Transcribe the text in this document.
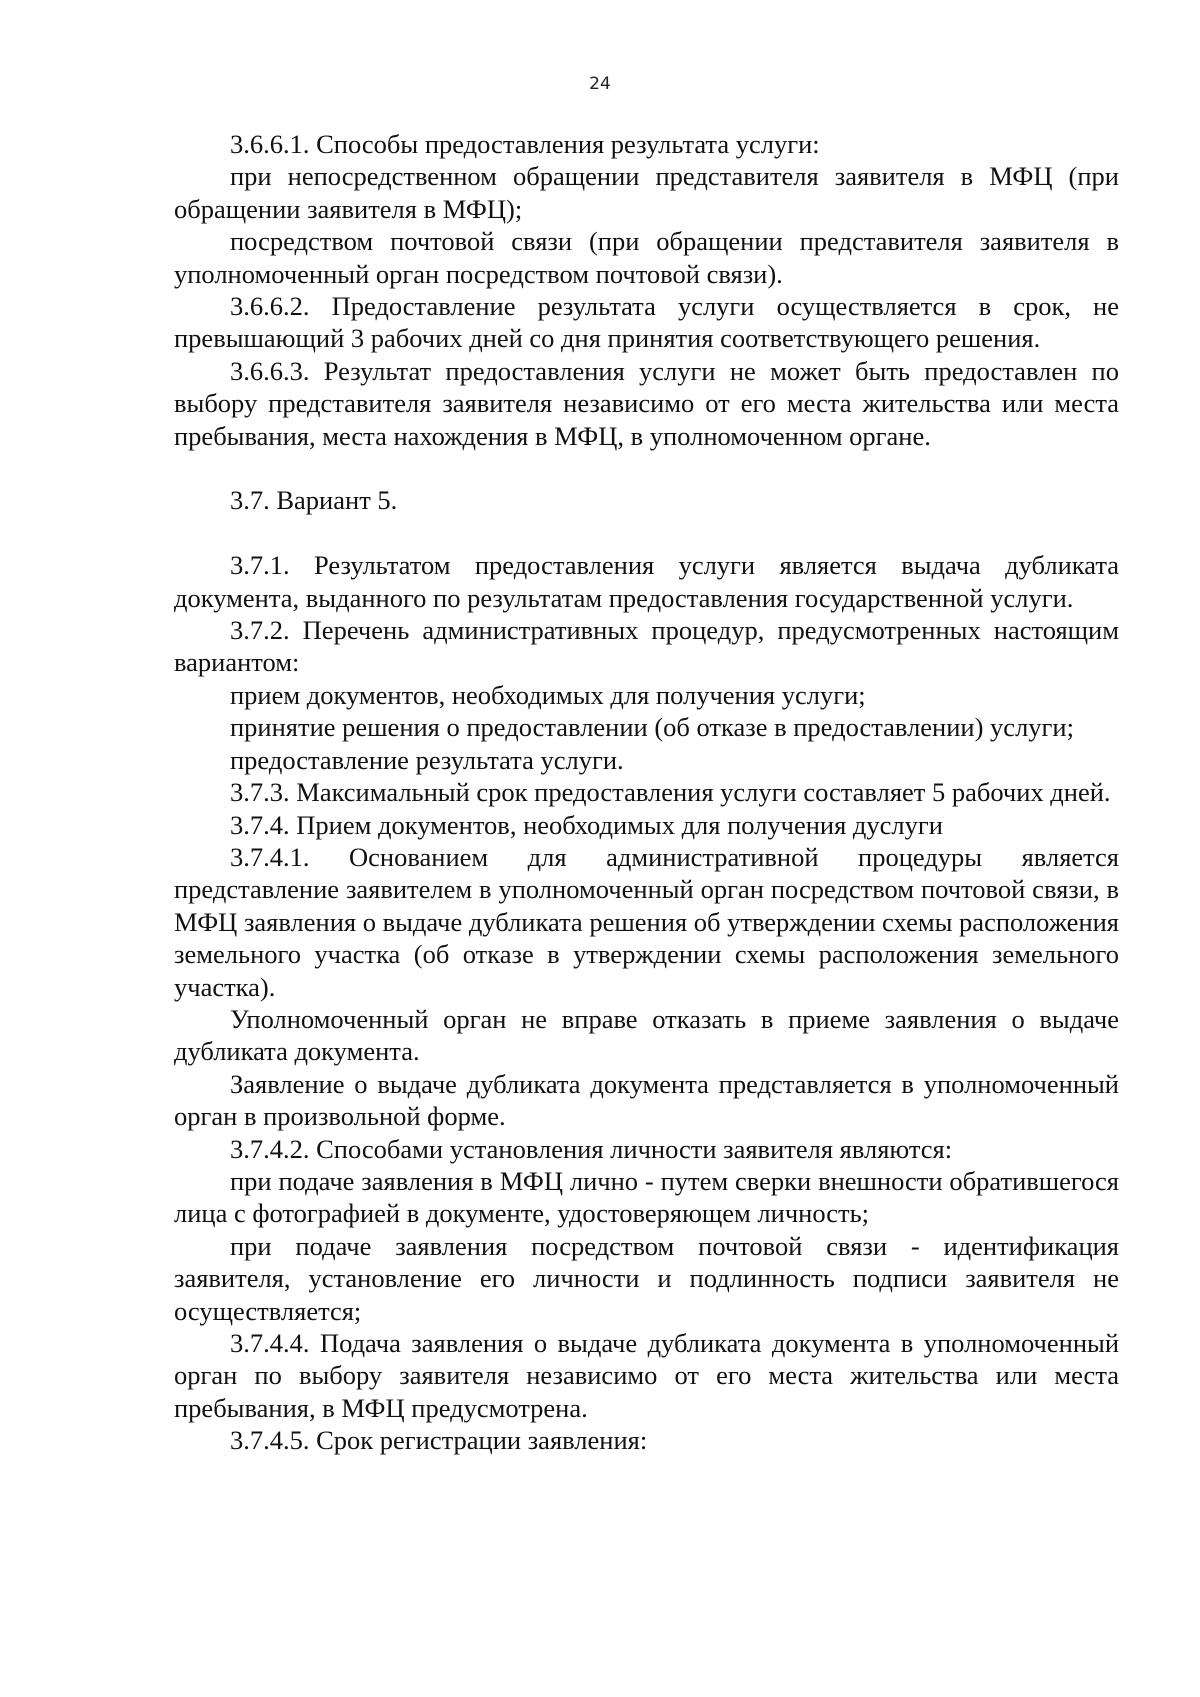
24

3.6.6.1. Способы предоставления результата услуги:

при непосредственном обращении представителя заявителя в МФЦ (при обращении заявителя в МФЦ);

посредством почтовой связи (при обращении представителя заявителя в уполномоченный орган посредством почтовой связи).

3.6.6.2. Предоставление результата услуги осуществляется в срок, не превышающий 3 рабочих дней со дня принятия соответствующего решения.

3.6.6.3. Результат предоставления услуги не может быть предоставлен по выбору представителя заявителя независимо от его места жительства или места пребывания, места нахождения в МФЦ, в уполномоченном органе.

3.7. Вариант 5.

3.7.1. Результатом предоставления услуги является выдача дубликата документа, выданного по результатам предоставления государственной услуги.

3.7.2. Перечень административных процедур, предусмотренных настоящим вариантом:

прием документов, необходимых для получения услуги;

принятие решения о предоставлении (об отказе в предоставлении) услуги;

предоставление результата услуги.

3.7.3. Максимальный срок предоставления услуги составляет 5 рабочих дней.

3.7.4. Прием документов, необходимых для получения дуслуги

3.7.4.1. Основанием для административной процедуры является представление заявителем в уполномоченный орган посредством почтовой связи, в МФЦ заявления о выдаче дубликата решения об утверждении схемы расположения земельного участка (об отказе в утверждении схемы расположения земельного участка).

Уполномоченный орган не вправе отказать в приеме заявления о выдаче дубликата документа.

Заявление о выдаче дубликата документа представляется в уполномоченный орган в произвольной форме.

3.7.4.2. Способами установления личности заявителя являются:

при подаче заявления в МФЦ лично - путем сверки внешности обратившегося лица с фотографией в документе, удостоверяющем личность;

при подаче заявления посредством почтовой связи - идентификация заявителя, установление его личности и подлинность подписи заявителя не осуществляется;

3.7.4.4. Подача заявления о выдаче дубликата документа в уполномоченный орган по выбору заявителя независимо от его места жительства или места пребывания, в МФЦ предусмотрена.

3.7.4.5. Срок регистрации заявления:
